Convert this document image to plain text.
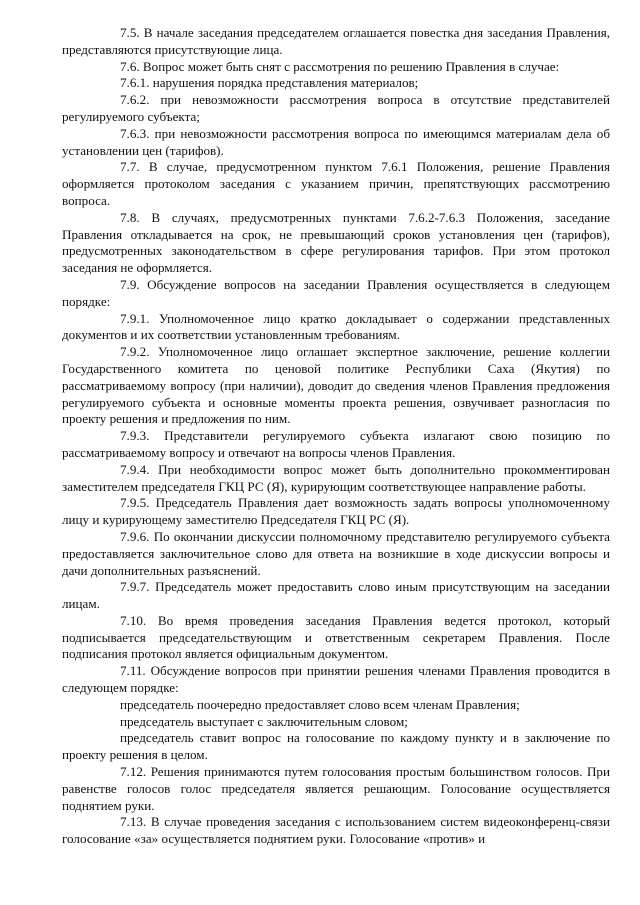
7.5. В начале заседания председателем оглашается повестка дня заседания Правления, представляются присутствующие лица.

7.6. Вопрос может быть снят с рассмотрения по решению Правления в случае:

7.6.1. нарушения порядка представления материалов;

7.6.2. при невозможности рассмотрения вопроса в отсутствие представителей регулируемого субъекта;

7.6.3. при невозможности рассмотрения вопроса по имеющимся материалам дела об установлении цен (тарифов).

7.7. В случае, предусмотренном пунктом 7.6.1 Положения, решение Правления оформляется протоколом заседания с указанием причин, препятствующих рассмотрению вопроса.

7.8. В случаях, предусмотренных пунктами 7.6.2-7.6.3 Положения, заседание Правления откладывается на срок, не превышающий сроков установления цен (тарифов), предусмотренных законодательством в сфере регулирования тарифов. При этом протокол заседания не оформляется.

7.9. Обсуждение вопросов на заседании Правления осуществляется в следующем порядке:

7.9.1. Уполномоченное лицо кратко докладывает о содержании представленных документов и их соответствии установленным требованиям.

7.9.2. Уполномоченное лицо оглашает экспертное заключение, решение коллегии Государственного комитета по ценовой политике Республики Саха (Якутия) по рассматриваемому вопросу (при наличии), доводит до сведения членов Правления предложения регулируемого субъекта и основные моменты проекта решения, озвучивает разногласия по проекту решения и предложения по ним.

7.9.3. Представители регулируемого субъекта излагают свою позицию по рассматриваемому вопросу и отвечают на вопросы членов Правления.

7.9.4. При необходимости вопрос может быть дополнительно прокомментирован заместителем председателя ГКЦ РС (Я), курирующим соответствующее направление работы.

7.9.5. Председатель Правления дает возможность задать вопросы уполномоченному лицу и курирующему заместителю Председателя ГКЦ РС (Я).

7.9.6. По окончании дискуссии полномочному представителю регулируемого субъекта предоставляется заключительное слово для ответа на возникшие в ходе дискуссии вопросы и дачи дополнительных разъяснений.

7.9.7. Председатель может предоставить слово иным присутствующим на заседании лицам.

7.10. Во время проведения заседания Правления ведется протокол, который подписывается председательствующим и ответственным секретарем Правления. После подписания протокол является официальным документом.

7.11. Обсуждение вопросов при принятии решения членами Правления проводится в следующем порядке:

председатель поочередно предоставляет слово всем членам Правления;

председатель выступает с заключительным словом;

председатель ставит вопрос на голосование по каждому пункту и в заключение по проекту решения в целом.

7.12. Решения принимаются путем голосования простым большинством голосов. При равенстве голосов голос председателя является решающим. Голосование осуществляется поднятием руки.

7.13. В случае проведения заседания с использованием систем видеоконференц-связи голосование «за» осуществляется поднятием руки. Голосование «против» и
